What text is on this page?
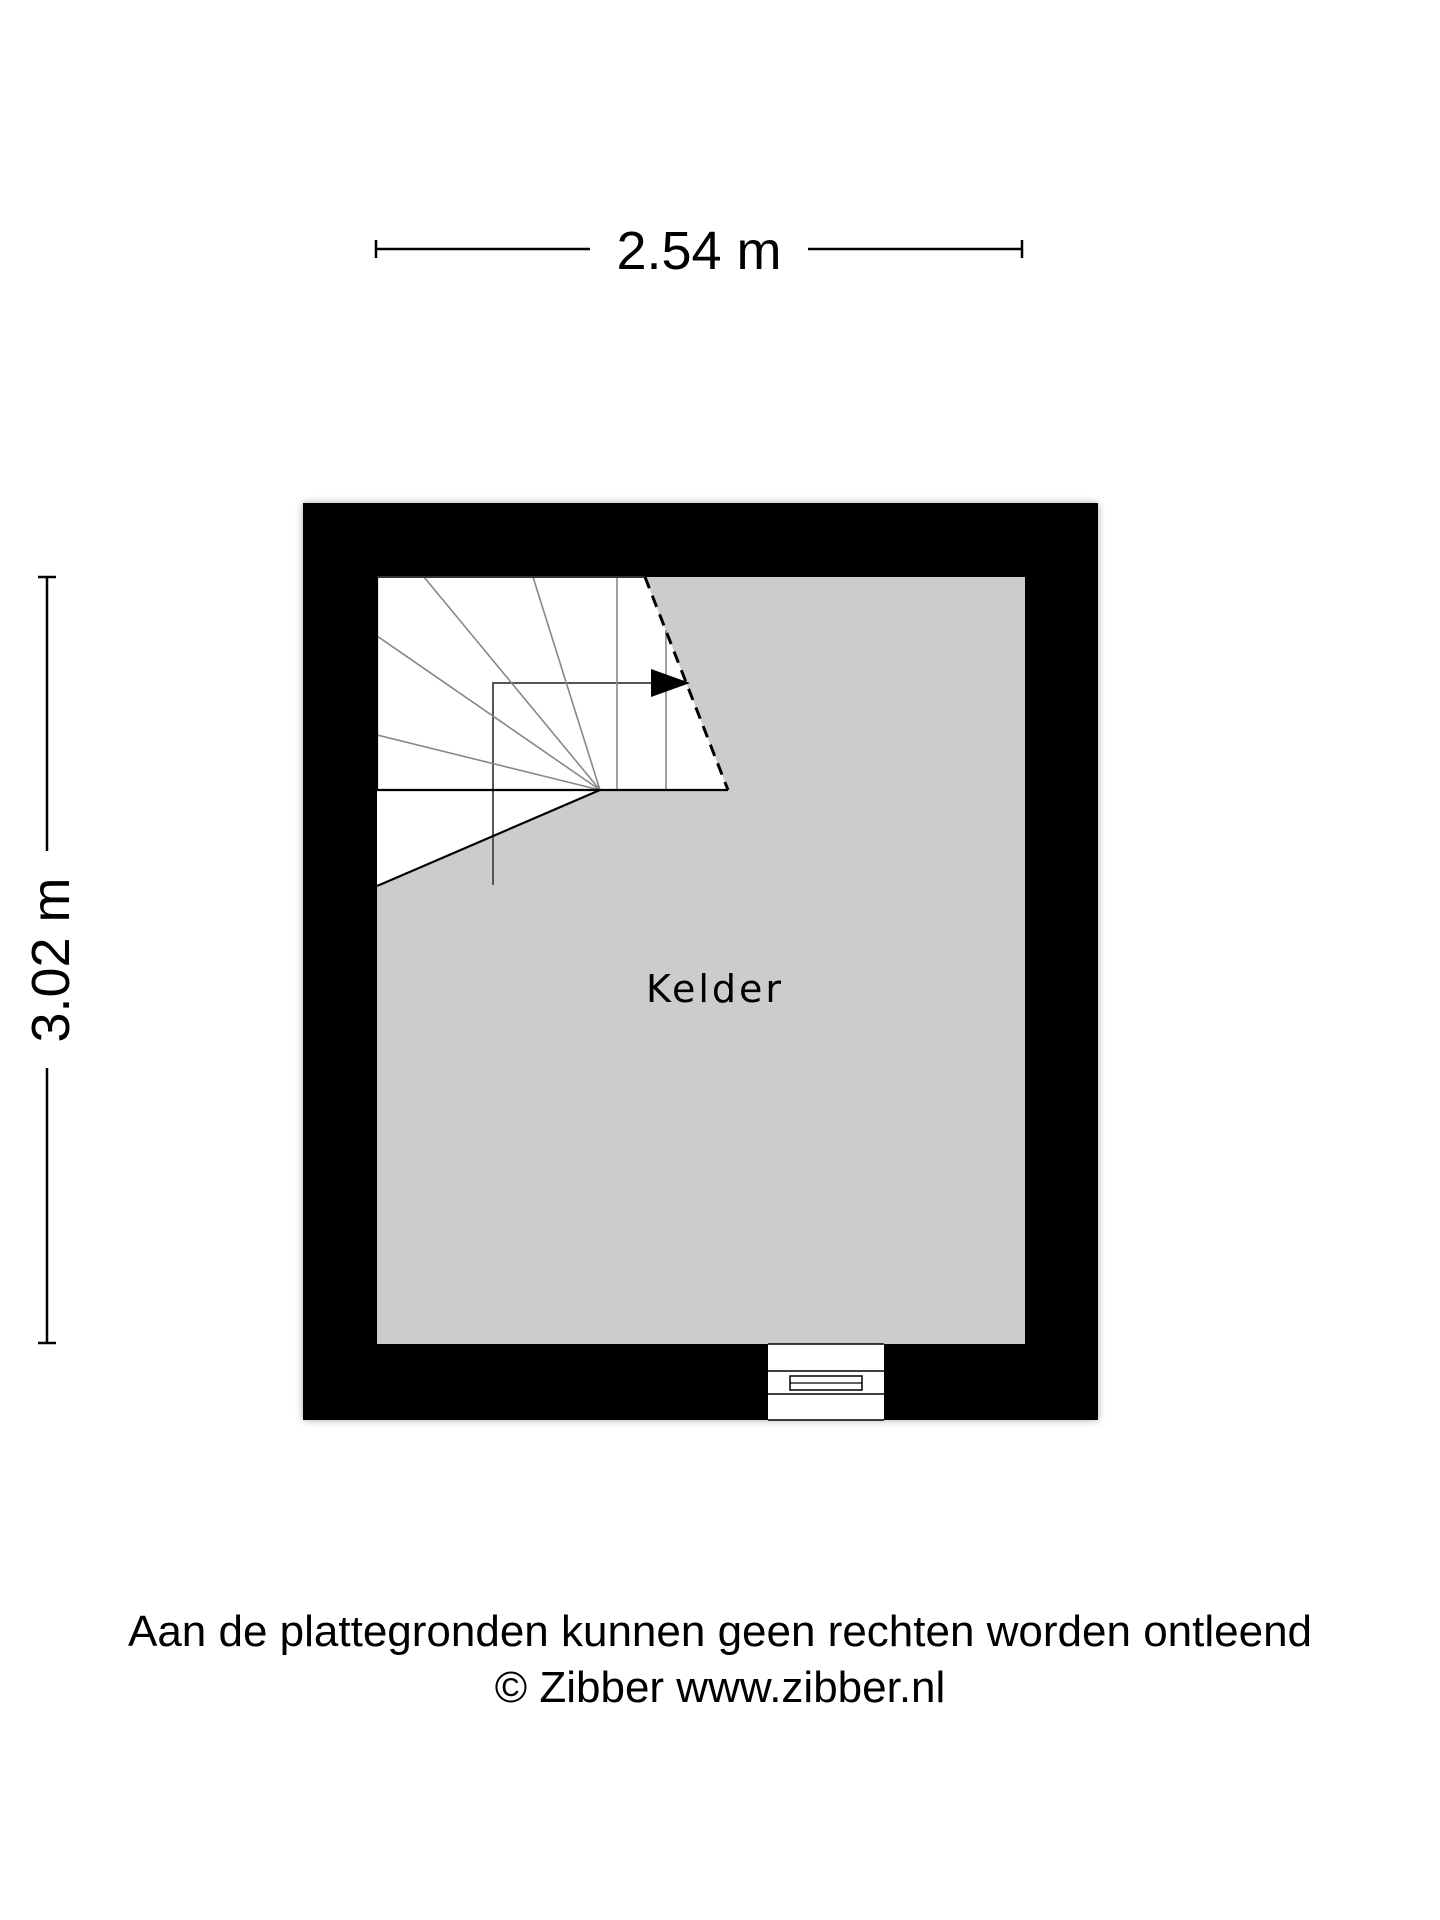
2.54 m
3.02 m	Kelder
Aan de plattegronden kunnen geen rechten worden ontleend
© Zibber www.zibber.nl
